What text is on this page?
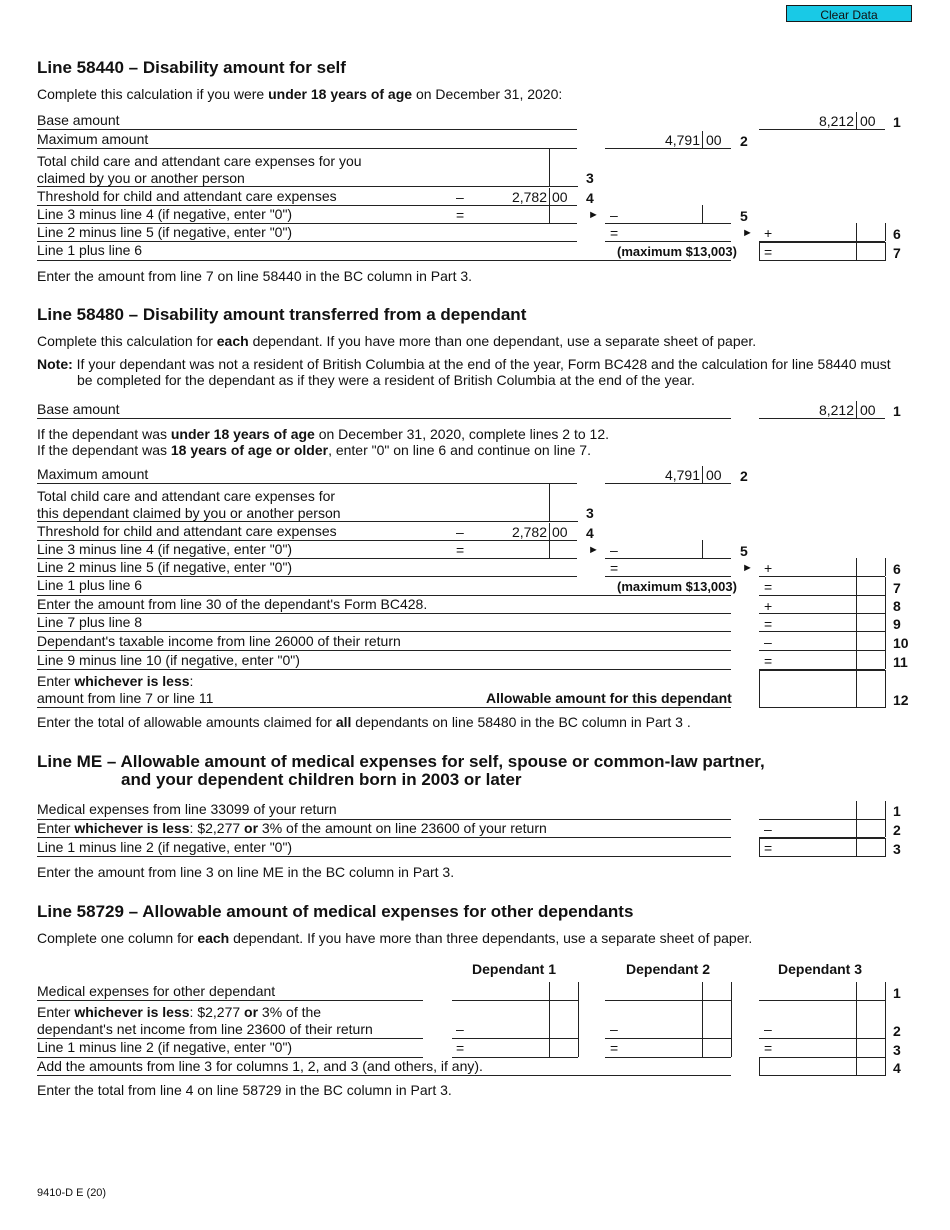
Clear Data
Line 58440 – Disability amount for self
Complete this calculation if you were under 18 years of age on December 31, 2020:
Base amount	8,212 00 1
Maximum amount	4,791 00 2
Total child care and attendant care expenses for you
claimed by you or another person	3
Threshold for child and attendant care expenses	–	2,782 00 4
Line 3 minus line 4 (if negative, enter "0")	=	► –	5
Line 2 minus line 5 (if negative, enter "0")	=	► +	6
Line 1 plus line 6	(maximum $13,003) =	7
Enter the amount from line 7 on line 58440 in the BC column in Part 3.
Line 58480 – Disability amount transferred from a dependant
Complete this calculation for each dependant. If you have more than one dependant, use a separate sheet of paper.
Note: If your dependant was not a resident of British Columbia at the end of the year, Form BC428 and the calculation for line 58440 must
be completed for the dependant as if they were a resident of British Columbia at the end of the year.
Base amount	8,212 00 1
If the dependant was under 18 years of age on December 31, 2020, complete lines 2 to 12.
If the dependant was 18 years of age or older, enter "0" on line 6 and continue on line 7.
Maximum amount	4,791 00 2
Total child care and attendant care expenses for
this dependant claimed by you or another person	3
Threshold for child and attendant care expenses	–	2,782 00 4
Line 3 minus line 4 (if negative, enter "0")	=	► –	5
Line 2 minus line 5 (if negative, enter "0")	=	► +	6
Line 1 plus line 6	(maximum $13,003) =	7
Enter the amount from line 30 of the dependant's Form BC428.	+	8
Line 7 plus line 8	=	9
Dependant's taxable income from line 26000 of their return	–	10
Line 9 minus line 10 (if negative, enter "0")	=	11
Enter whichever is less:
amount from line 7 or line 11	Allowable amount for this dependant	12
Enter the total of allowable amounts claimed for all dependants on line 58480 in the BC column in Part 3 .
Line ME – Allowable amount of medical expenses for self, spouse or common-law partner,
and your dependent children born in 2003 or later
Medical expenses from line 33099 of your return	1
Enter whichever is less: $2,277 or 3% of the amount on line 23600 of your return	–	2
Line 1 minus line 2 (if negative, enter "0")	=	3
Enter the amount from line 3 on line ME in the BC column in Part 3.
Line 58729 – Allowable amount of medical expenses for other dependants
Complete one column for each dependant. If you have more than three dependants, use a separate sheet of paper.
Dependant 1	Dependant 2	Dependant 3
Medical expenses for other dependant	1
Enter whichever is less: $2,277 or 3% of the
dependant's net income from line 23600 of their return	–	–	–	2
Line 1 minus line 2 (if negative, enter "0")	=	=	=	3
Add the amounts from line 3 for columns 1, 2, and 3 (and others, if any).	4
Enter the total from line 4 on line 58729 in the BC column in Part 3.
9410-D E (20)
